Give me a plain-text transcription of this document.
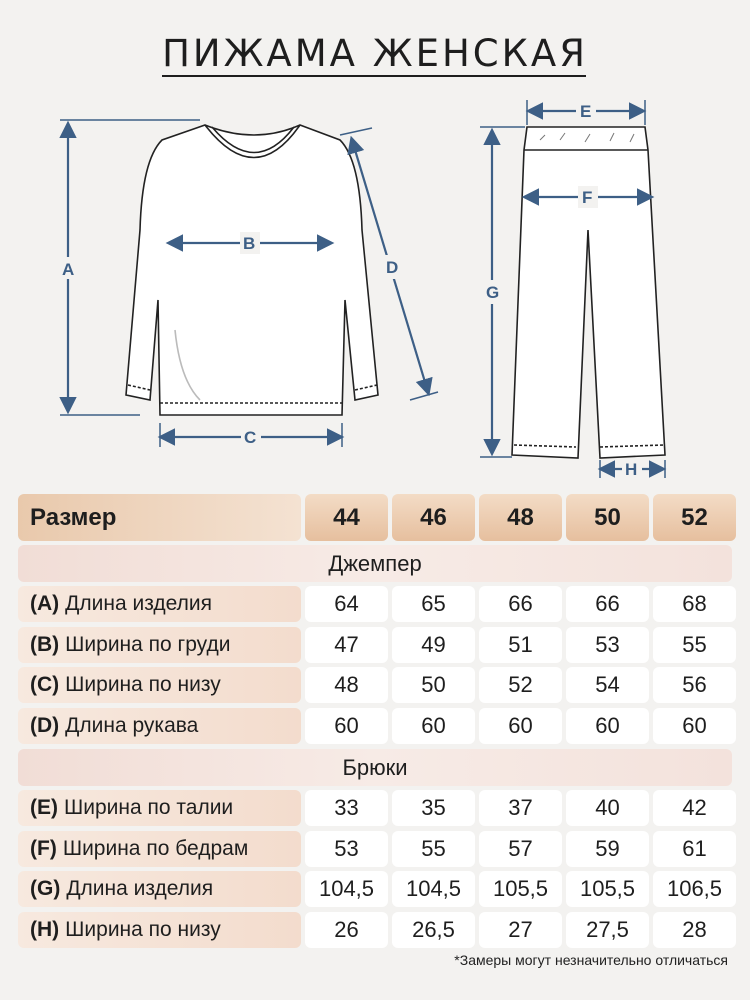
ПИЖАМА ЖЕНСКАЯ
A
B
C
D
E
F
G
H
Размер	44	46	48	50	52
Джемпер
(A) Длина изделия	64	65	66	66	68
(B) Ширина по груди	47	49	51	53	55
(C) Ширина по низу	48	50	52	54	56
(D) Длина рукава	60	60	60	60	60
Брюки
(E) Ширина по талии	33	35	37	40	42
(F) Ширина по бедрам	53	55	57	59	61
(G) Длина изделия	104,5	104,5	105,5	105,5	106,5
(H) Ширина по низу	26	26,5	27	27,5	28
*Замеры могут незначительно отличаться
